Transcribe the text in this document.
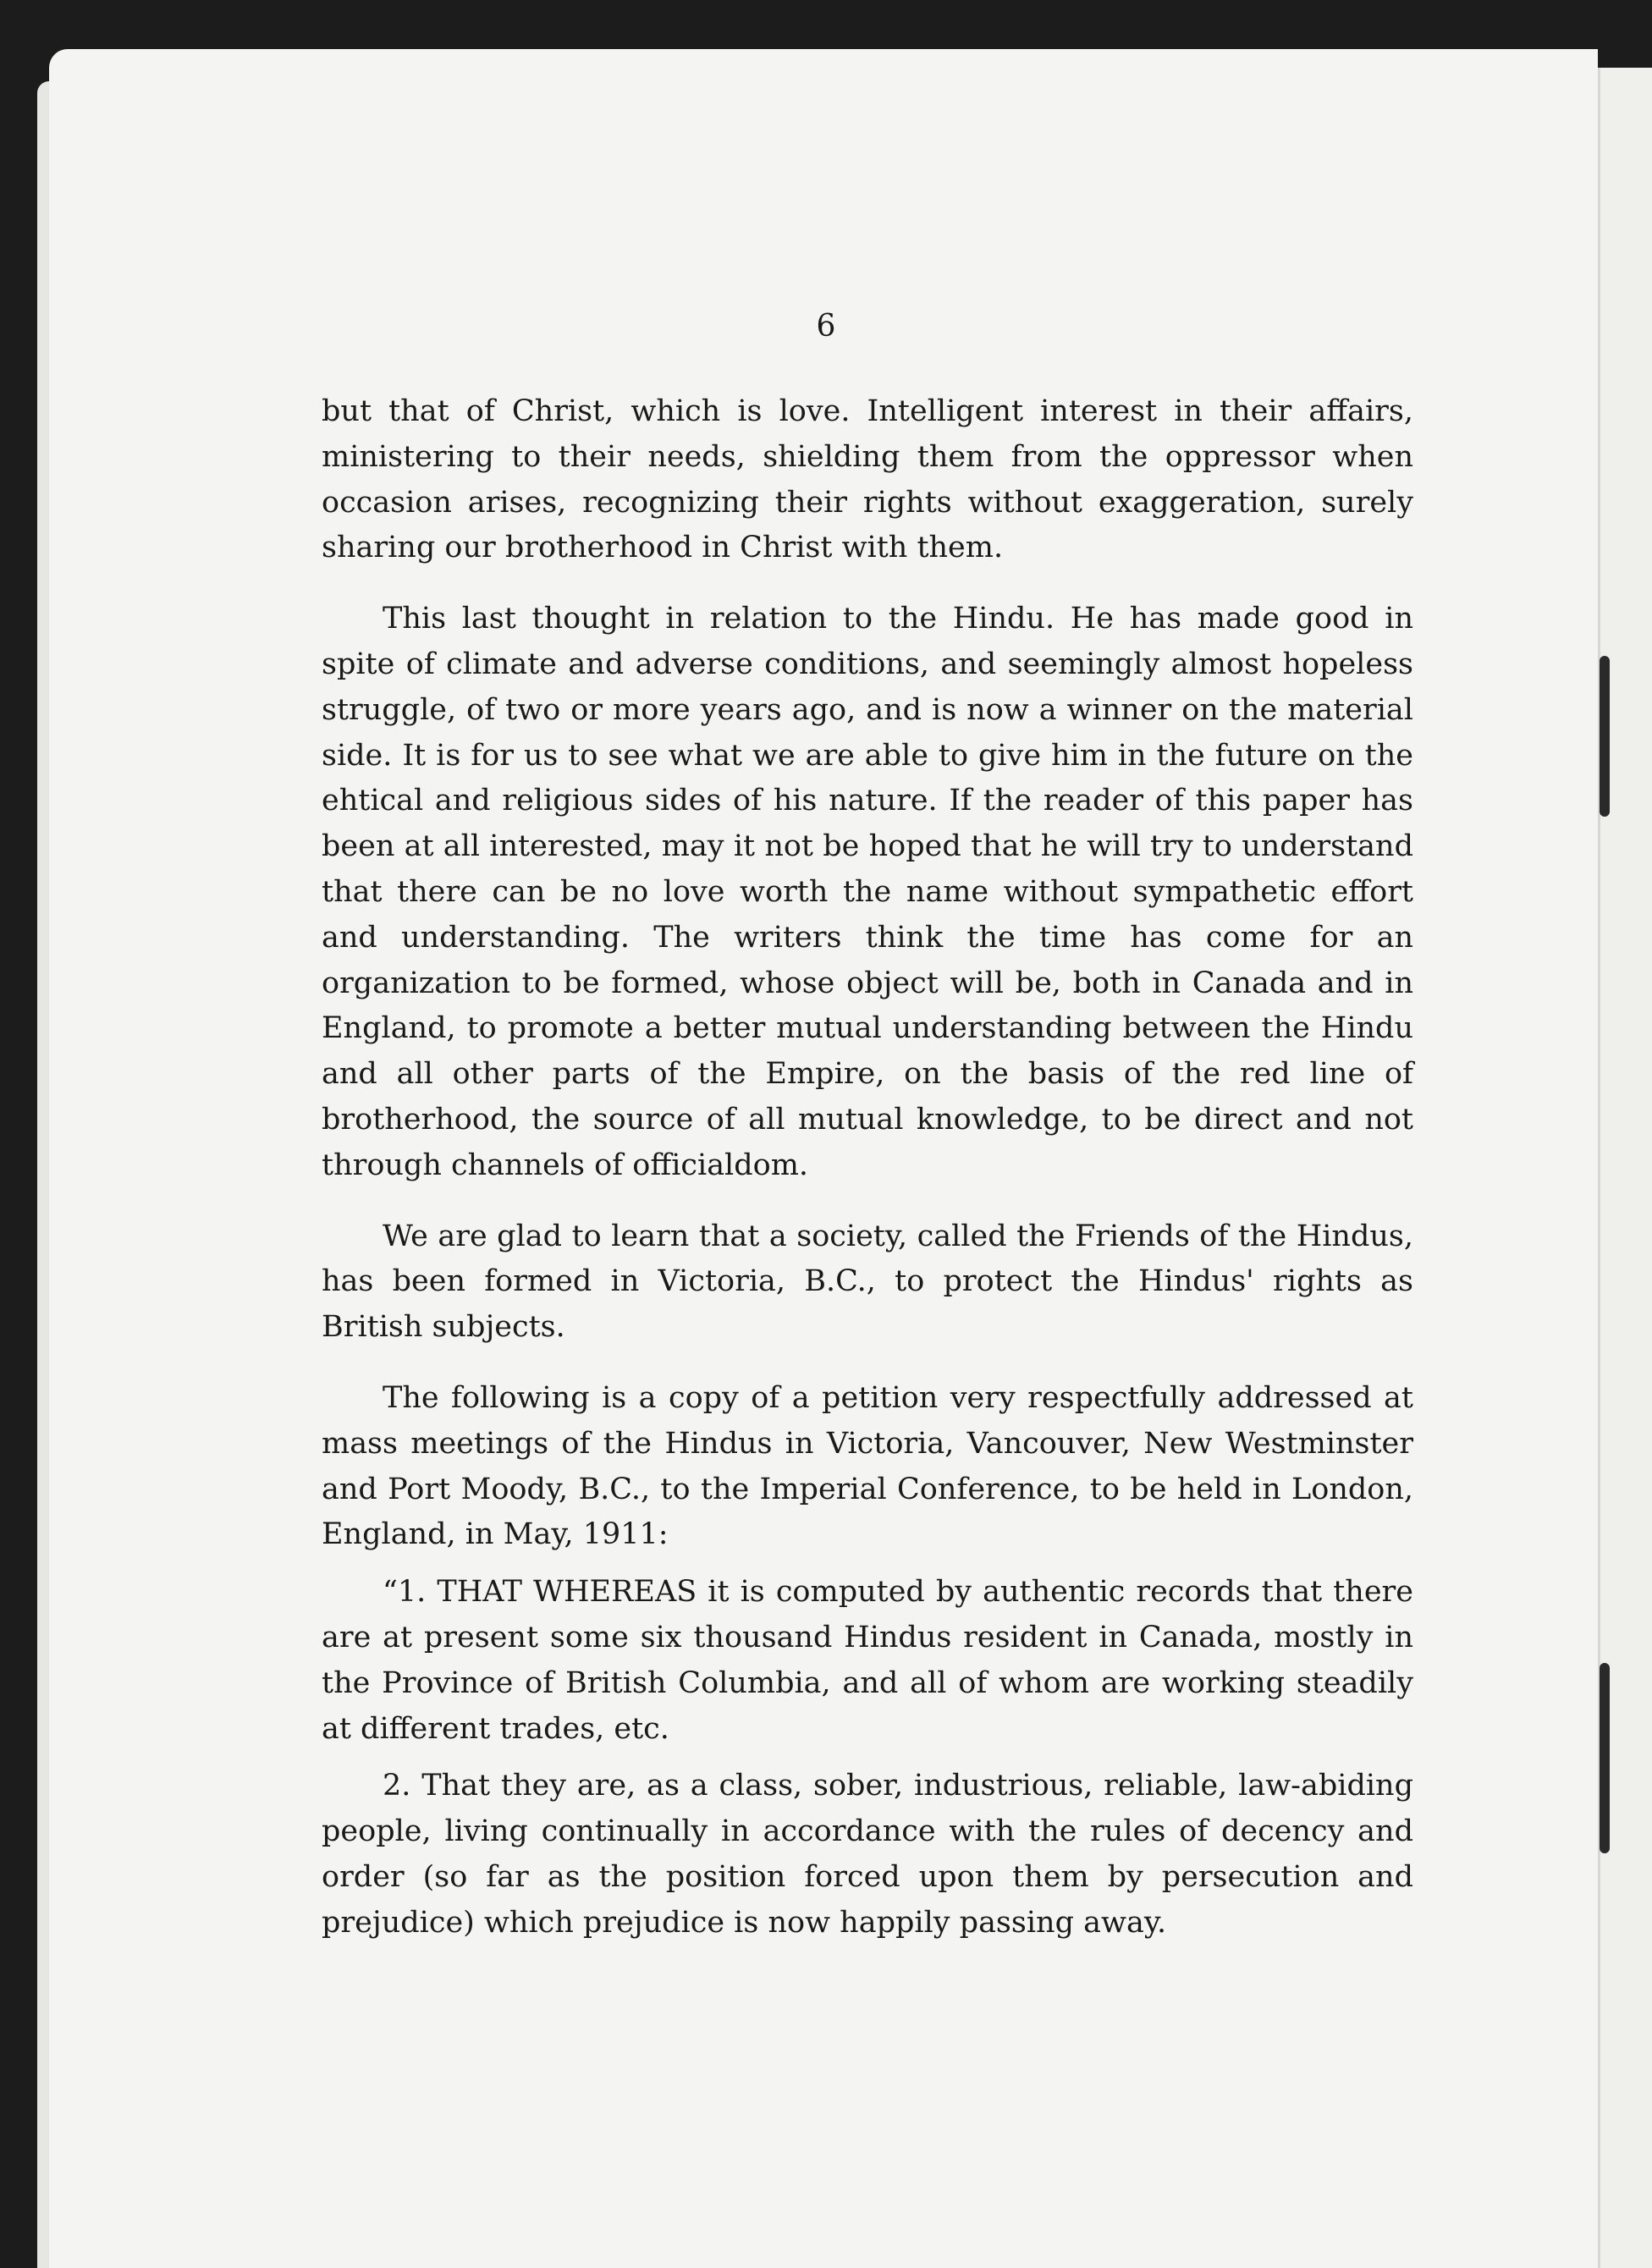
6

but that of Christ, which is love. Intelligent interest in their affairs, ministering to their needs, shielding them from the oppressor when occasion arises, recognizing their rights without exaggeration, surely sharing our brotherhood in Christ with them.

This last thought in relation to the Hindu. He has made good in spite of climate and adverse conditions, and seemingly almost hopeless struggle, of two or more years ago, and is now a winner on the material side. It is for us to see what we are able to give him in the future on the ehtical and religious sides of his nature. If the reader of this paper has been at all interested, may it not be hoped that he will try to understand that there can be no love worth the name without sympathetic effort and understanding. The writers think the time has come for an organization to be formed, whose object will be, both in Canada and in England, to promote a better mutual understanding between the Hindu and all other parts of the Empire, on the basis of the red line of brotherhood, the source of all mutual knowledge, to be direct and not through channels of officialdom.

We are glad to learn that a society, called the Friends of the Hindus, has been formed in Victoria, B.C., to protect the Hindus' rights as British subjects.

The following is a copy of a petition very respectfully addressed at mass meetings of the Hindus in Victoria, Vancouver, New Westminster and Port Moody, B.C., to the Imperial Conference, to be held in London, England, in May, 1911:

“1. THAT WHEREAS it is computed by authentic records that there are at present some six thousand Hindus resident in Canada, mostly in the Province of British Columbia, and all of whom are working steadily at different trades, etc.

2. That they are, as a class, sober, industrious, reliable, law-abiding people, living continually in accordance with the rules of decency and order (so far as the position forced upon them by persecution and prejudice) which prejudice is now happily passing away.
